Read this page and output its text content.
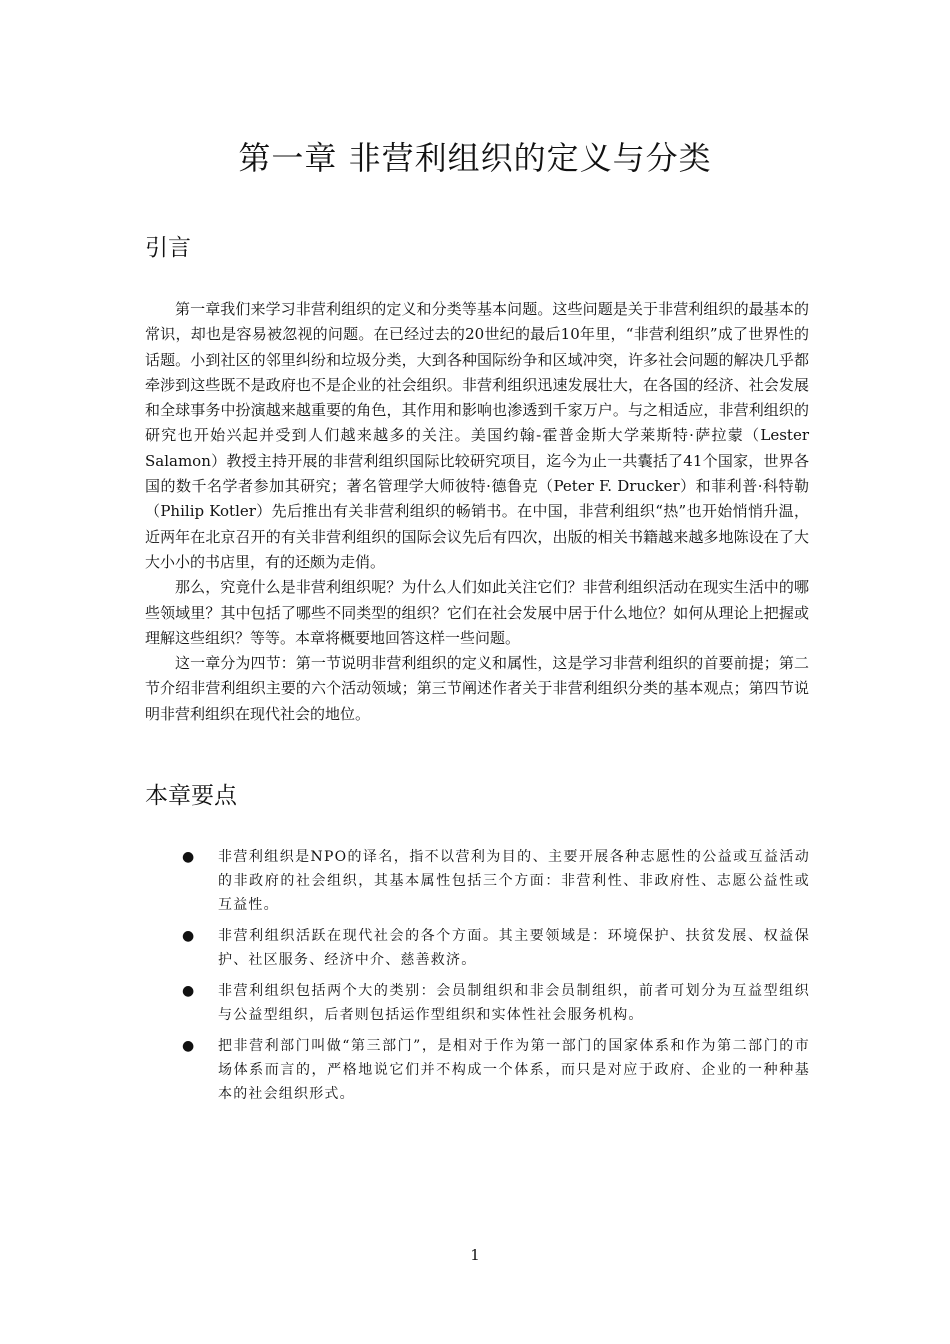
第一章 非营利组织的定义与分类
引言

第一章我们来学习非营利组织的定义和分类等基本问题。这些问题是关于非营利组织的最基本的常识，却也是容易被忽视的问题。在已经过去的20世纪的最后10年里，“非营利组织”成了世界性的话题。小到社区的邻里纠纷和垃圾分类，大到各种国际纷争和区域冲突，许多社会问题的解决几乎都牵涉到这些既不是政府也不是企业的社会组织。非营利组织迅速发展壮大，在各国的经济、社会发展和全球事务中扮演越来越重要的角色，其作用和影响也渗透到千家万户。与之相适应，非营利组织的研究也开始兴起并受到人们越来越多的关注。美国约翰-霍普金斯大学莱斯特·萨拉蒙（Lester Salamon）教授主持开展的非营利组织国际比较研究项目，迄今为止一共囊括了41个国家，世界各国的数千名学者参加其研究；著名管理学大师彼特·德鲁克（Peter F. Drucker）和菲利普·科特勒（Philip Kotler）先后推出有关非营利组织的畅销书。在中国，非营利组织“热”也开始悄悄升温，近两年在北京召开的有关非营利组织的国际会议先后有四次，出版的相关书籍越来越多地陈设在了大大小小的书店里，有的还颇为走俏。

那么，究竟什么是非营利组织呢？为什么人们如此关注它们？非营利组织活动在现实生活中的哪些领域里？其中包括了哪些不同类型的组织？它们在社会发展中居于什么地位？如何从理论上把握或理解这些组织？等等。本章将概要地回答这样一些问题。

这一章分为四节：第一节说明非营利组织的定义和属性，这是学习非营利组织的首要前提；第二节介绍非营利组织主要的六个活动领域；第三节阐述作者关于非营利组织分类的基本观点；第四节说明非营利组织在现代社会的地位。

本章要点
● 非营利组织是NPO的译名，指不以营利为目的、主要开展各种志愿性的公益或互益活动的非政府的社会组织，其基本属性包括三个方面：非营利性、非政府性、志愿公益性或互益性。
● 非营利组织活跃在现代社会的各个方面。其主要领域是：环境保护、扶贫发展、权益保护、社区服务、经济中介、慈善救济。
● 非营利组织包括两个大的类别：会员制组织和非会员制组织，前者可划分为互益型组织与公益型组织，后者则包括运作型组织和实体性社会服务机构。
● 把非营利部门叫做“第三部门”，是相对于作为第一部门的国家体系和作为第二部门的市场体系而言的，严格地说它们并不构成一个体系，而只是对应于政府、企业的一种种基本的社会组织形式。
1
